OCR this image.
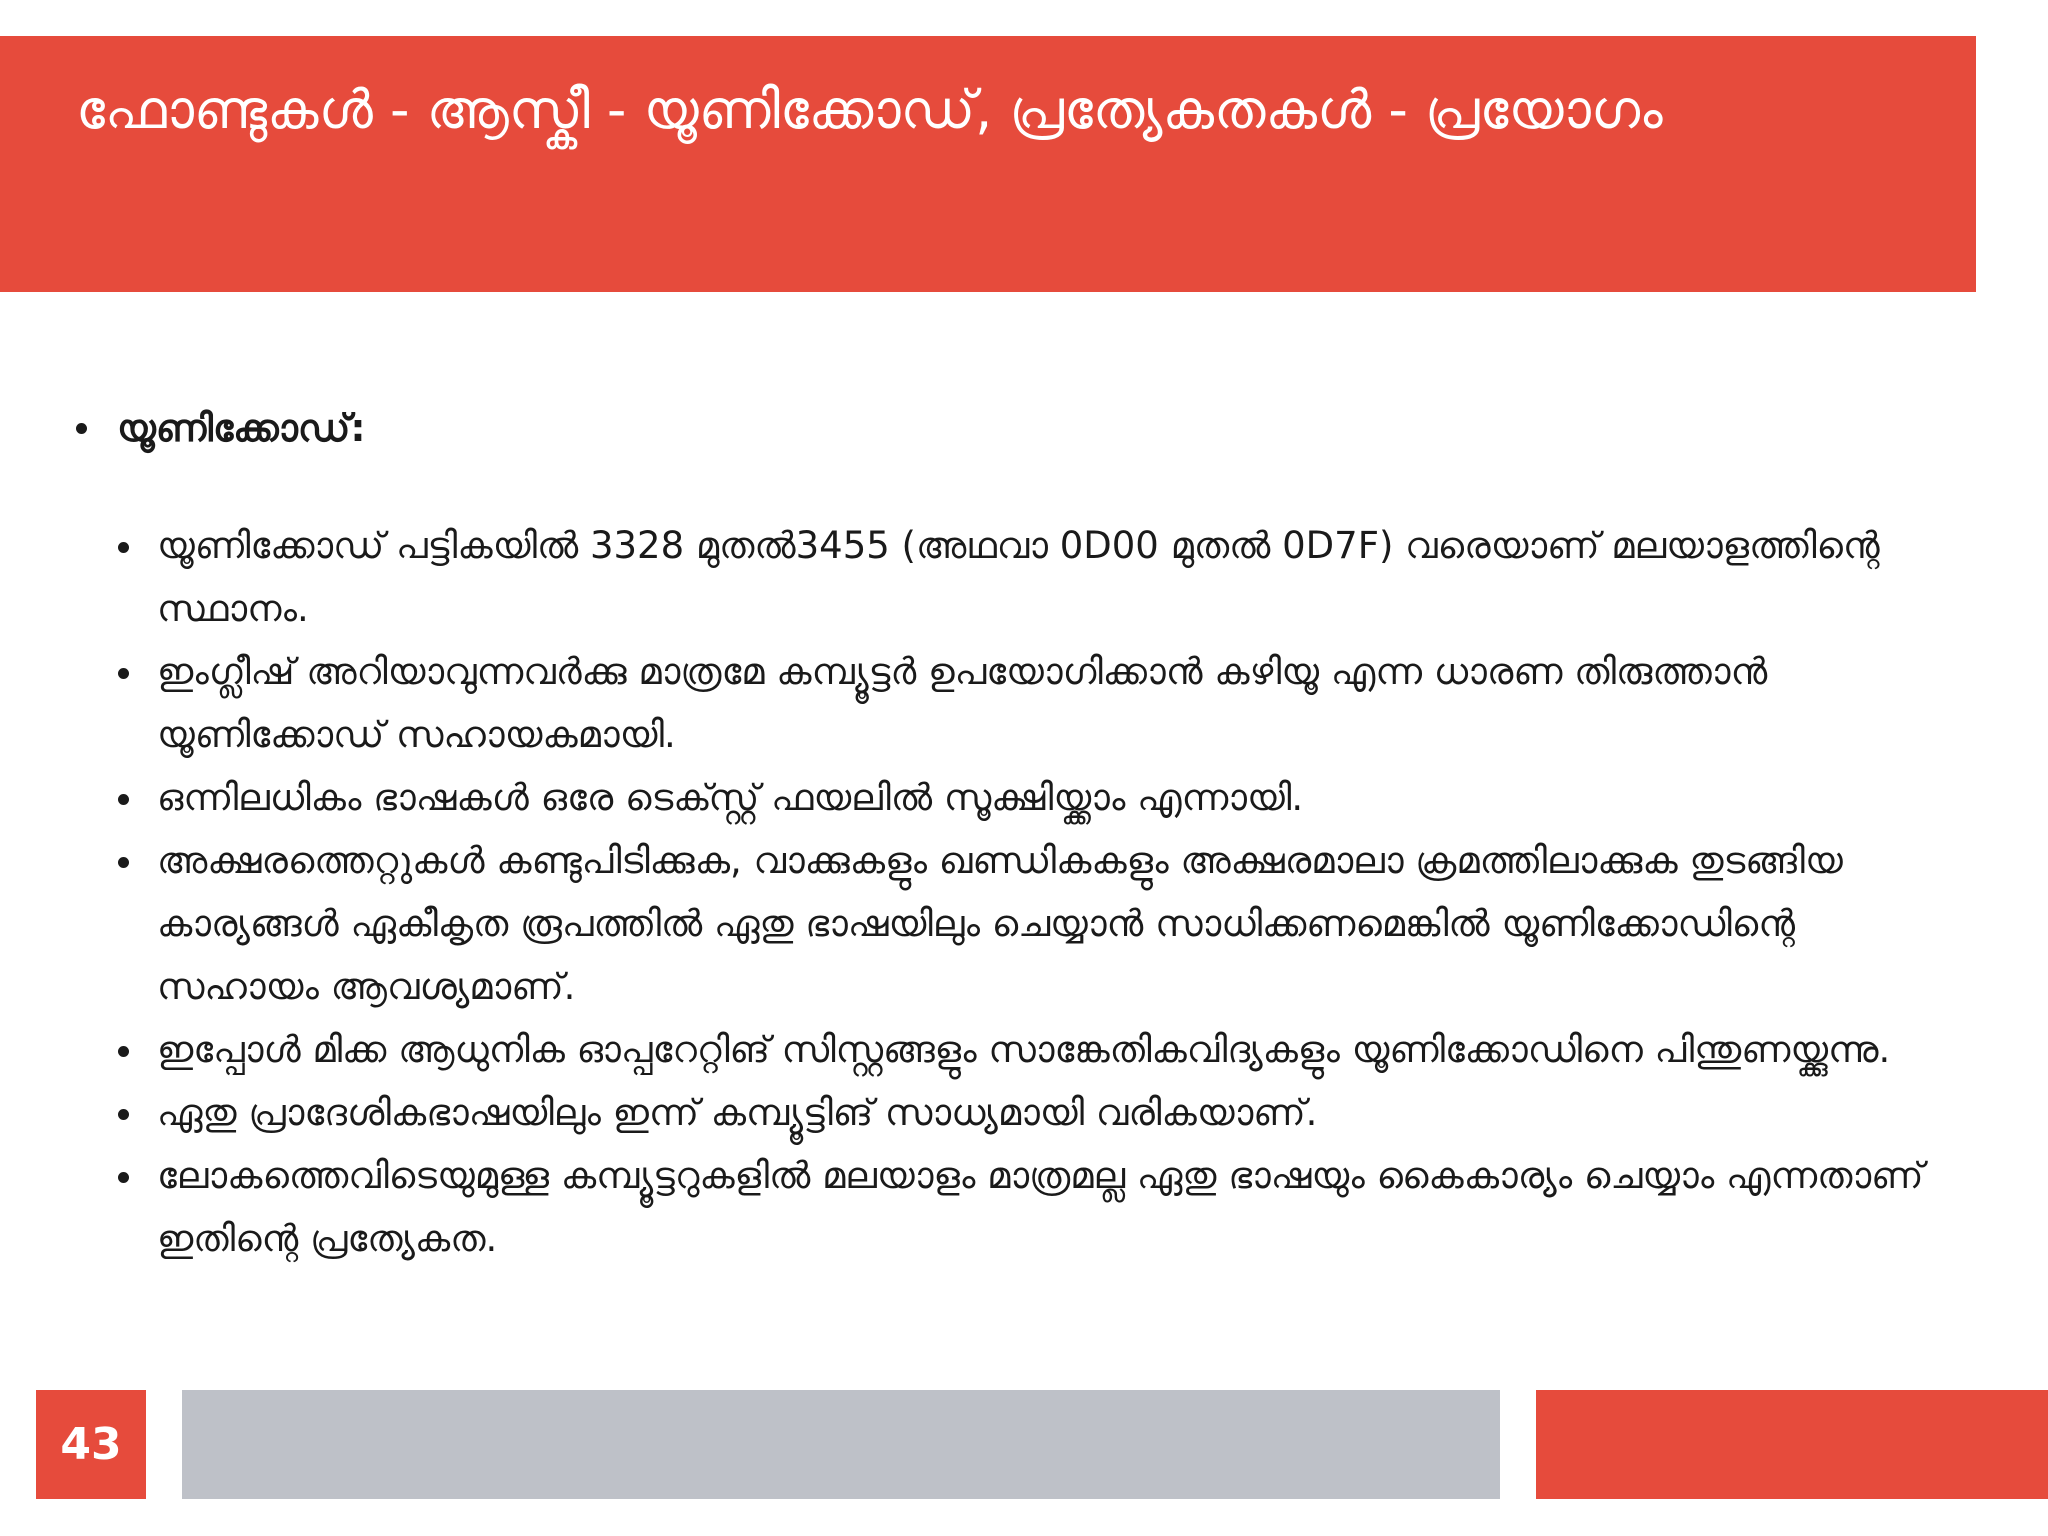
ഫോണ്ടുകൾ - ആസ്കീ - യൂണിക്കോഡ്, പ്രത്യേകതകൾ - പ്രയോഗം
യൂണിക്കോഡ്:
യൂണിക്കോഡ് പട്ടികയിൽ 3328 മുതൽ3455 (അഥവാ 0D00 മുതൽ 0D7F) വരെയാണ് മലയാളത്തിന്റെ സ്ഥാനം.
ഇംഗ്ലീഷ് അറിയാവുന്നവർക്കു മാത്രമേ കമ്പ്യൂട്ടർ ഉപയോഗിക്കാൻ കഴിയൂ എന്ന ധാരണ തിരുത്താൻ യൂണിക്കോഡ് സഹായകമായി.
ഒന്നിലധികം ഭാഷകൾ ഒരേ ടെക്സ്റ്റ് ഫയലിൽ സൂക്ഷിയ്ക്കാം എന്നായി.
അക്ഷരത്തെറ്റുകൾ കണ്ടുപിടിക്കുക, വാക്കുകളും ഖണ്ഡികകളും അക്ഷരമാലാ ക്രമത്തിലാക്കുക തുടങ്ങിയ കാര്യങ്ങൾ ഏകീകൃത രൂപത്തിൽ ഏതു ഭാഷയിലും ചെയ്യാൻ സാധിക്കണമെങ്കിൽ യൂണിക്കോഡിന്റെ സഹായം ആവശ്യമാണ്.
ഇപ്പോൾ മിക്ക ആധുനിക ഓപ്പറേറ്റിങ് സിസ്റ്റങ്ങളും സാങ്കേതികവിദ്യകളും യൂണിക്കോഡിനെ പിന്തുണയ്ക്കുന്നു.
ഏതു പ്രാദേശികഭാഷയിലും ഇന്ന് കമ്പ്യൂട്ടിങ് സാധ്യമായി വരികയാണ്.
ലോകത്തെവിടെയുമുള്ള കമ്പ്യൂട്ടറുകളിൽ മലയാളം മാത്രമല്ല ഏതു ഭാഷയും കൈകാര്യം ചെയ്യാം എന്നതാണ് ഇതിന്റെ പ്രത്യേകത.
43
